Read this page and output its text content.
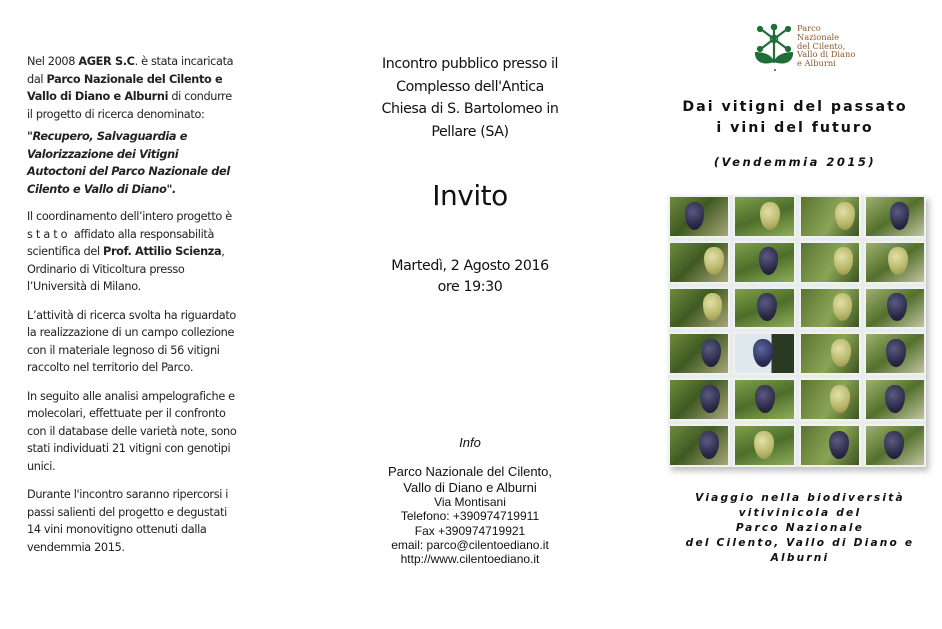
Nel 2008 AGER S.C. è stata incaricata dal Parco Nazionale del Cilento e Vallo di Diano e Alburni di condurre il progetto di ricerca denominato:

"Recupero, Salvaguardia e Valorizzazione dei Vitigni Autoctoni del Parco Nazionale del Cilento e Vallo di Diano".

Il coordinamento dell’intero progetto è stato affidato alla responsabilità scientifica del Prof. Attilio Scienza, Ordinario di Viticoltura presso l’Università di Milano.

L’attività di ricerca svolta ha riguardato la realizzazione di un campo collezione con il materiale legnoso di 56 vitigni raccolto nel territorio del Parco.

In seguito alle analisi ampelografiche e molecolari, effettuate per il confronto con il database delle varietà note, sono stati individuati 21 vitigni con genotipi unici.

Durante l'incontro saranno ripercorsi i passi salienti del progetto e degustati 14 vini monovitigno ottenuti dalla vendemmia 2015.

Incontro pubblico presso il
Complesso dell'Antica
Chiesa di S. Bartolomeo in
Pellare (SA)
Invito
Martedì, 2 Agosto 2016
ore 19:30
Info
Parco Nazionale del Cilento,
Vallo di Diano e Alburni
Via Montisani
Telefono: +390974719911
Fax +390974719921
email: parco@cilentoediano.it
http://www.cilentoediano.it
Parco Nazionale
del Cilento,
Vallo di Diano
e Alburni
Dai vitigni del passato
i vini del futuro
(Vendemmia 2015)
Viaggio nella biodiversità
vitivinicola del
Parco Nazionale
del Cilento, Vallo di Diano e
Alburni
